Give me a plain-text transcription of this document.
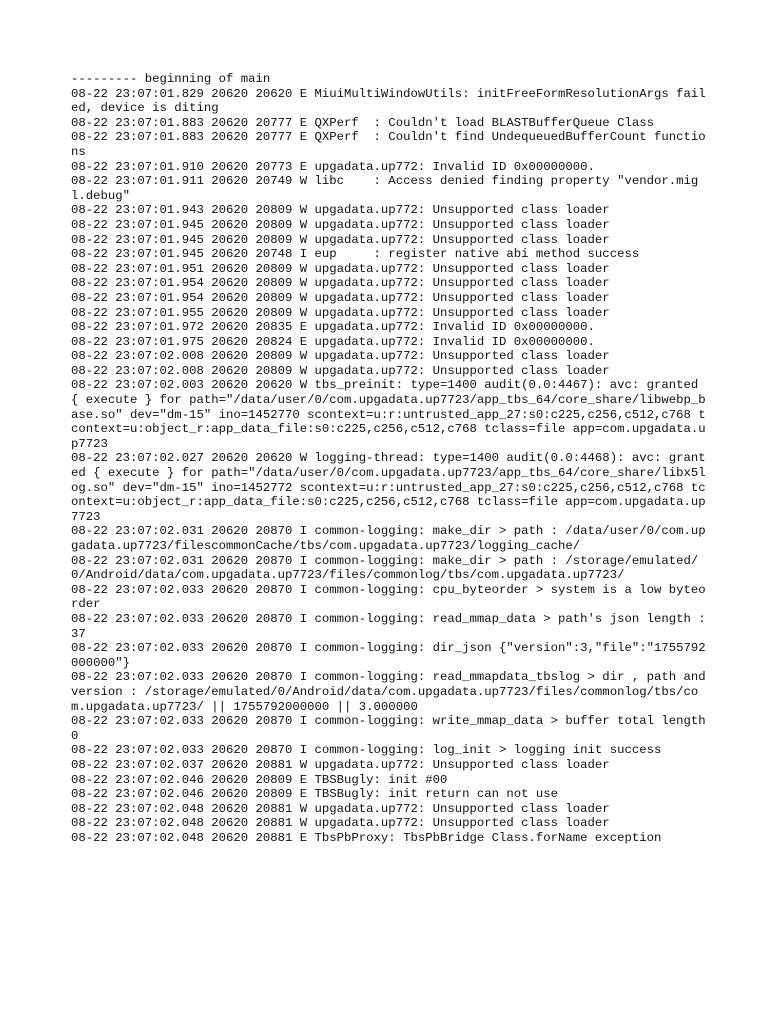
--------- beginning of main
08-22 23:07:01.829 20620 20620 E MiuiMultiWindowUtils: initFreeFormResolutionArgs failed, device is diting
08-22 23:07:01.883 20620 20777 E QXPerf  : Couldn't load BLASTBufferQueue Class
08-22 23:07:01.883 20620 20777 E QXPerf  : Couldn't find UndequeuedBufferCount functions
08-22 23:07:01.910 20620 20773 E upgadata.up772: Invalid ID 0x00000000.
08-22 23:07:01.911 20620 20749 W libc    : Access denied finding property "vendor.migl.debug"
08-22 23:07:01.943 20620 20809 W upgadata.up772: Unsupported class loader
08-22 23:07:01.945 20620 20809 W upgadata.up772: Unsupported class loader
08-22 23:07:01.945 20620 20809 W upgadata.up772: Unsupported class loader
08-22 23:07:01.945 20620 20748 I eup     : register native abi method success
08-22 23:07:01.951 20620 20809 W upgadata.up772: Unsupported class loader
08-22 23:07:01.954 20620 20809 W upgadata.up772: Unsupported class loader
08-22 23:07:01.954 20620 20809 W upgadata.up772: Unsupported class loader
08-22 23:07:01.955 20620 20809 W upgadata.up772: Unsupported class loader
08-22 23:07:01.972 20620 20835 E upgadata.up772: Invalid ID 0x00000000.
08-22 23:07:01.975 20620 20824 E upgadata.up772: Invalid ID 0x00000000.
08-22 23:07:02.008 20620 20809 W upgadata.up772: Unsupported class loader
08-22 23:07:02.008 20620 20809 W upgadata.up772: Unsupported class loader
08-22 23:07:02.003 20620 20620 W tbs_preinit: type=1400 audit(0.0:4467): avc: granted { execute } for path="/data/user/0/com.upgadata.up7723/app_tbs_64/core_share/libwebp_base.so" dev="dm-15" ino=1452770 scontext=u:r:untrusted_app_27:s0:c225,c256,c512,c768 tcontext=u:object_r:app_data_file:s0:c225,c256,c512,c768 tclass=file app=com.upgadata.up7723
08-22 23:07:02.027 20620 20620 W logging-thread: type=1400 audit(0.0:4468): avc: granted { execute } for path="/data/user/0/com.upgadata.up7723/app_tbs_64/core_share/libx5log.so" dev="dm-15" ino=1452772 scontext=u:r:untrusted_app_27:s0:c225,c256,c512,c768 tcontext=u:object_r:app_data_file:s0:c225,c256,c512,c768 tclass=file app=com.upgadata.up7723
08-22 23:07:02.031 20620 20870 I common-logging: make_dir > path : /data/user/0/com.upgadata.up7723/filescommonCache/tbs/com.upgadata.up7723/logging_cache/
08-22 23:07:02.031 20620 20870 I common-logging: make_dir > path : /storage/emulated/0/Android/data/com.upgadata.up7723/files/commonlog/tbs/com.upgadata.up7723/
08-22 23:07:02.033 20620 20870 I common-logging: cpu_byteorder > system is a low byteorder
08-22 23:07:02.033 20620 20870 I common-logging: read_mmap_data > path's json length : 37
08-22 23:07:02.033 20620 20870 I common-logging: dir_json {"version":3,"file":"1755792000000"}
08-22 23:07:02.033 20620 20870 I common-logging: read_mmapdata_tbslog > dir , path and version : /storage/emulated/0/Android/data/com.upgadata.up7723/files/commonlog/tbs/com.upgadata.up7723/ || 1755792000000 || 3.000000
08-22 23:07:02.033 20620 20870 I common-logging: write_mmap_data > buffer total length 0
08-22 23:07:02.033 20620 20870 I common-logging: log_init > logging init success
08-22 23:07:02.037 20620 20881 W upgadata.up772: Unsupported class loader
08-22 23:07:02.046 20620 20809 E TBSBugly: init #00
08-22 23:07:02.046 20620 20809 E TBSBugly: init return can not use
08-22 23:07:02.048 20620 20881 W upgadata.up772: Unsupported class loader
08-22 23:07:02.048 20620 20881 W upgadata.up772: Unsupported class loader
08-22 23:07:02.048 20620 20881 E TbsPbProxy: TbsPbBridge Class.forName exception
